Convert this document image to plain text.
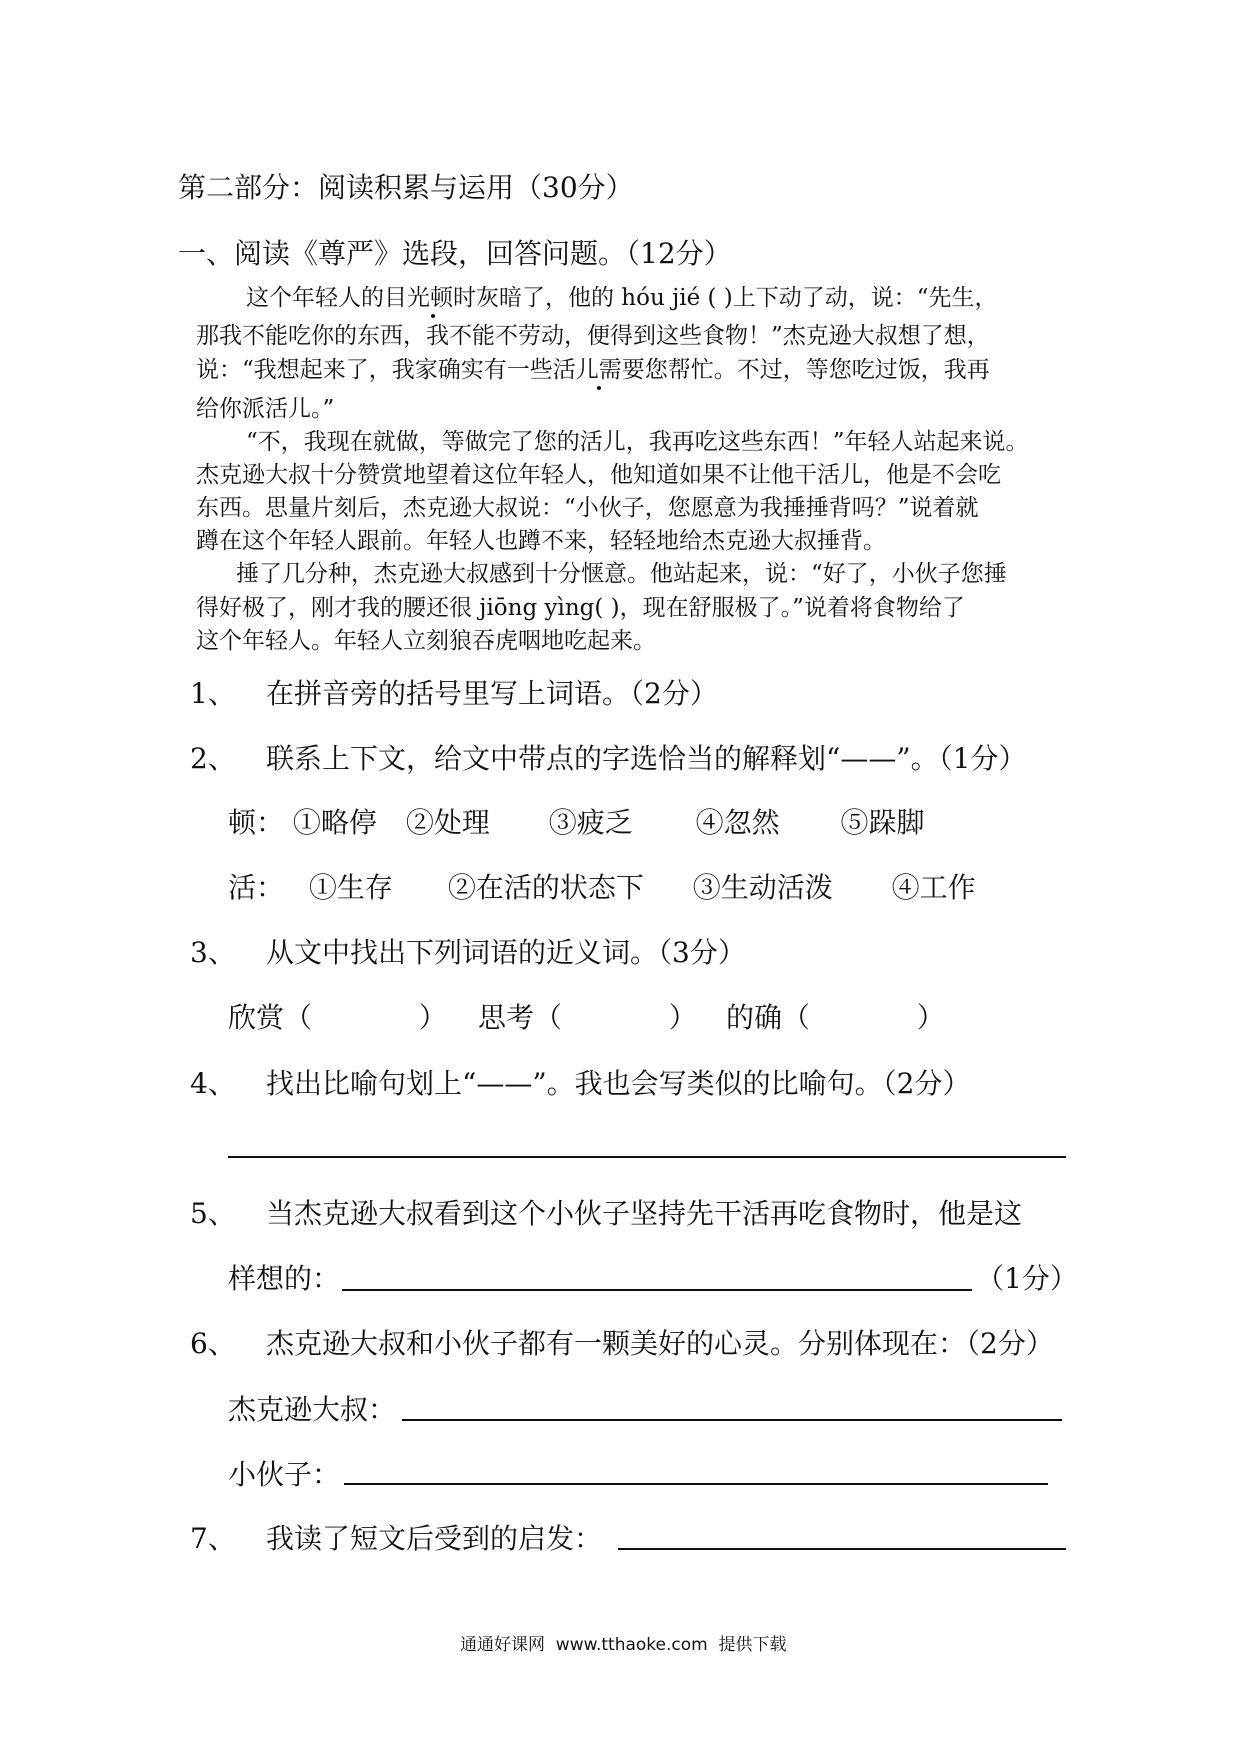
第二部分：阅读积累与运用（30分）
一、阅读《尊严》选段，回答问题。（12分）
这个年轻人的目光顿时灰暗了，他的 hóu jié ( )上下动了动，说：“先生，
那我不能吃你的东西，我不能不劳动，便得到这些食物！”杰克逊大叔想了想，
说：“我想起来了，我家确实有一些活儿需要您帮忙。不过，等您吃过饭，我再
给你派活儿。”
“不，我现在就做，等做完了您的活儿，我再吃这些东西！”年轻人站起来说。
杰克逊大叔十分赞赏地望着这位年轻人，他知道如果不让他干活儿，他是不会吃
东西。思量片刻后，杰克逊大叔说：“小伙子，您愿意为我捶捶背吗？”说着就
蹲在这个年轻人跟前。年轻人也蹲不来，轻轻地给杰克逊大叔捶背。
捶了几分种，杰克逊大叔感到十分惬意。他站起来，说：“好了，小伙子您捶
得好极了，刚才我的腰还很 jiōng yìng( )，现在舒服极了。”说着将食物给了
这个年轻人。年轻人立刻狼吞虎咽地吃起来。
1、 在拼音旁的括号里写上词语。（2分）
2、 联系上下文，给文中带点的字选恰当的解释划“——”。（1分）
顿： ①略停 ②处理 ③疲乏 ④忽然 ⑤跺脚
活： ①生存 ②在活的状态下 ③生动活泼 ④工作
3、 从文中找出下列词语的近义词。（3分）
欣赏（            ） 思考（            ） 的确（            ）
4、 找出比喻句划上“——”。我也会写类似的比喻句。（2分）
5、 当杰克逊大叔看到这个小伙子坚持先干活再吃食物时，他是这
样想的：	（1分）
6、 杰克逊大叔和小伙子都有一颗美好的心灵。分别体现在：（2分）
杰克逊大叔：
小伙子：
7、 我读了短文后受到的启发：
通通好课网  www.tthaoke.com  提供下载
